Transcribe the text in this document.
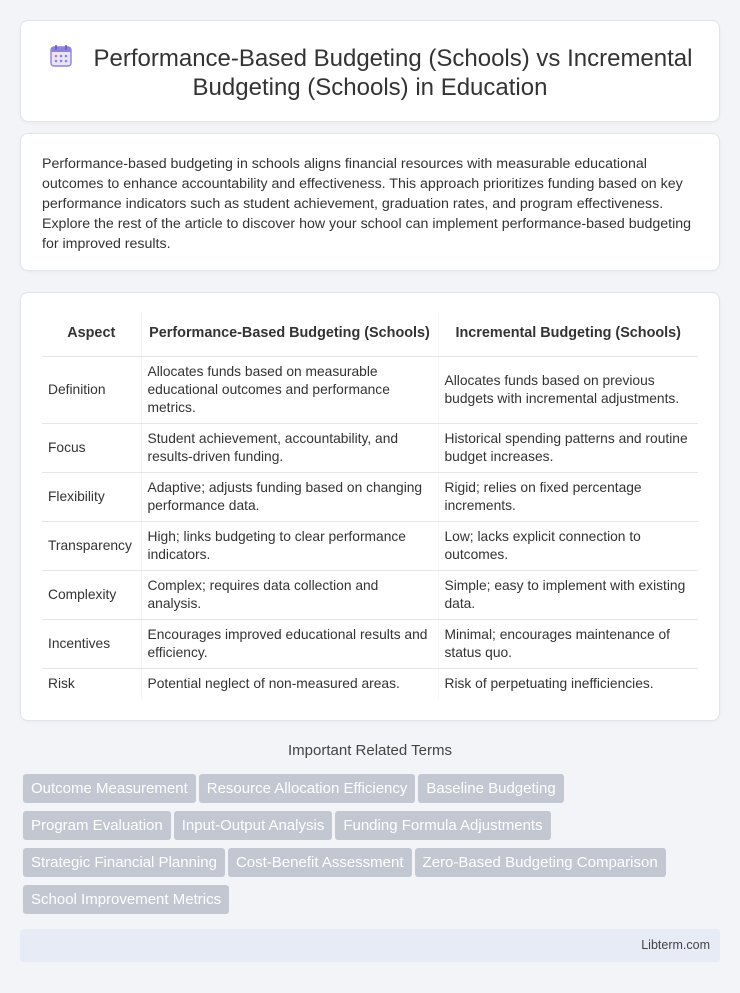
Performance-Based Budgeting (Schools) vs Incremental Budgeting (Schools) in Education

Performance-based budgeting in schools aligns financial resources with measurable educational outcomes to enhance accountability and effectiveness. This approach prioritizes funding based on key performance indicators such as student achievement, graduation rates, and program effectiveness. Explore the rest of the article to discover how your school can implement performance-based budgeting for improved results.

Aspect	Performance-Based Budgeting (Schools)	Incremental Budgeting (Schools)
Definition	Allocates funds based on measurable educational outcomes and performance metrics.	Allocates funds based on previous budgets with incremental adjustments.
Focus	Student achievement, accountability, and results-driven funding.	Historical spending patterns and routine budget increases.
Flexibility	Adaptive; adjusts funding based on changing performance data.	Rigid; relies on fixed percentage increments.
Transparency	High; links budgeting to clear performance indicators.	Low; lacks explicit connection to outcomes.
Complexity	Complex; requires data collection and analysis.	Simple; easy to implement with existing data.
Incentives	Encourages improved educational results and efficiency.	Minimal; encourages maintenance of status quo.
Risk	Potential neglect of non-measured areas.	Risk of perpetuating inefficiencies.
Important Related Terms
Outcome Measurement Resource Allocation Efficiency Baseline Budgeting
Program Evaluation Input-Output Analysis Funding Formula Adjustments
Strategic Financial Planning Cost-Benefit Assessment Zero-Based Budgeting Comparison
School Improvement Metrics
Libterm.com
